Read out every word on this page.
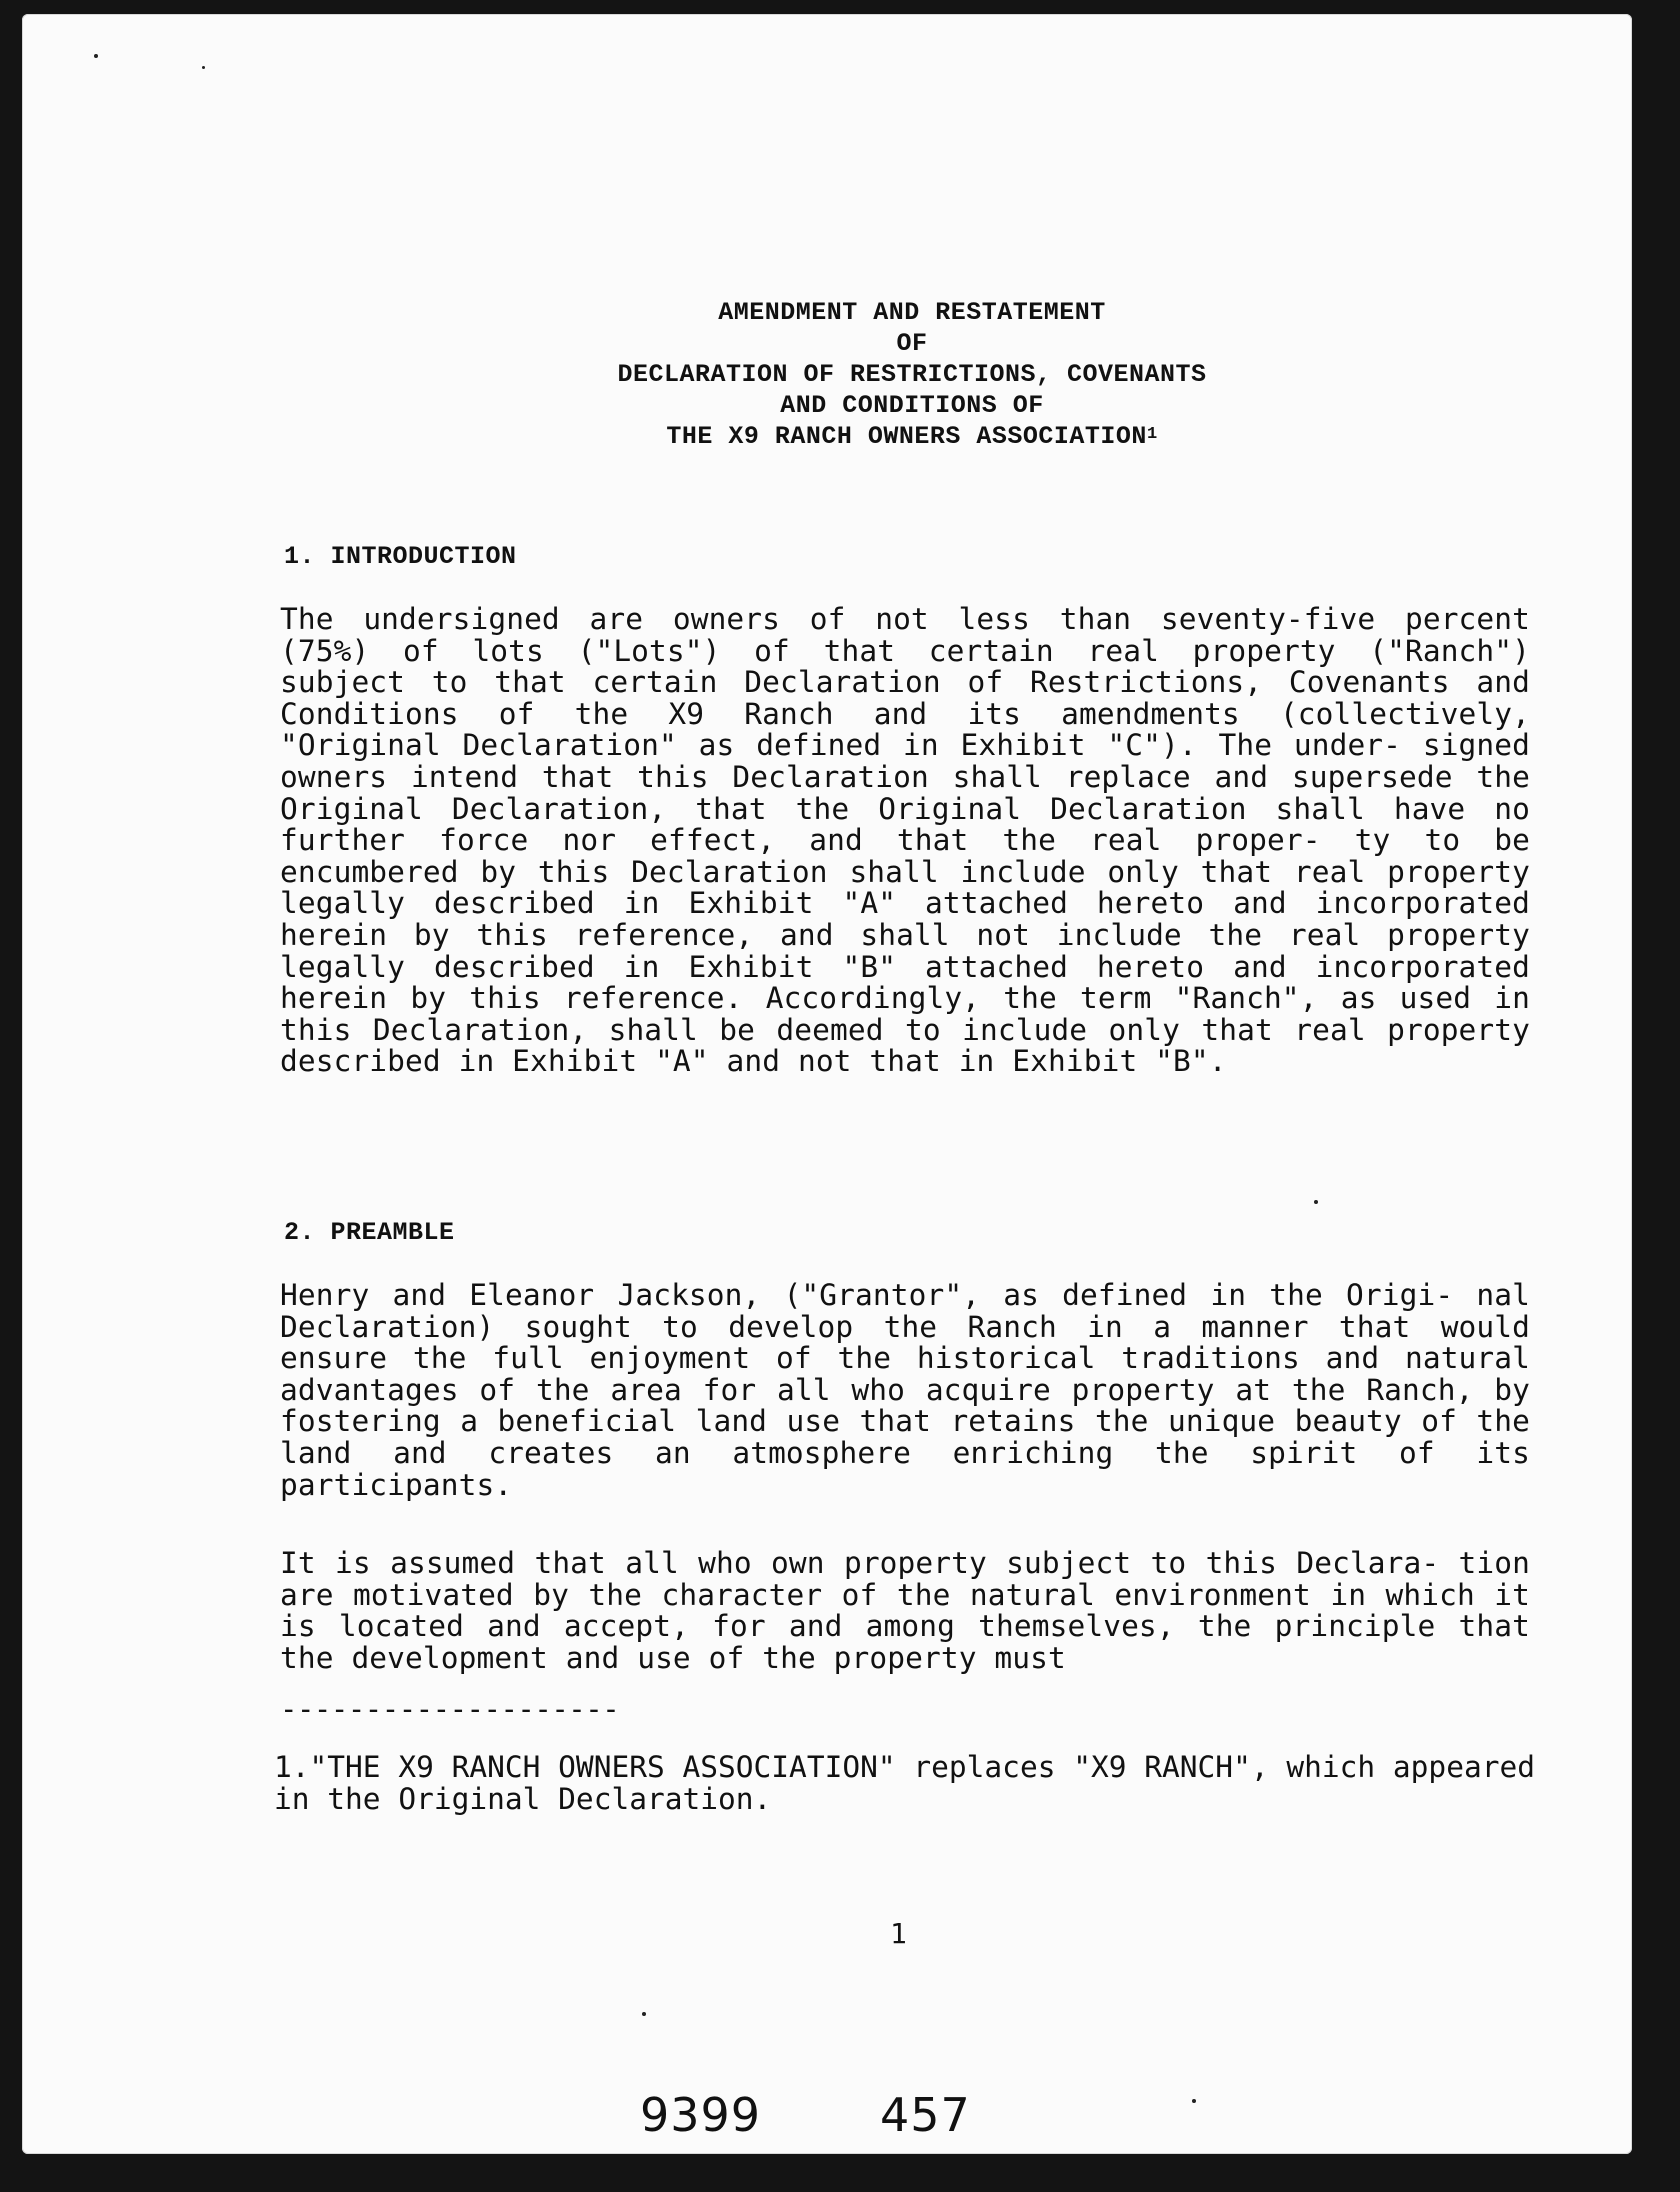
AMENDMENT AND RESTATEMENT
OF
DECLARATION OF RESTRICTIONS, COVENANTS
AND CONDITIONS OF
THE X9 RANCH OWNERS ASSOCIATION$^1$
1. INTRODUCTION
The undersigned are owners of not less than seventy-five percent (75%) of lots ("Lots") of that certain real property ("Ranch") subject to that certain Declaration of Restrictions, Covenants and Conditions of the X9 Ranch and its amendments (collectively, "Original Declaration" as defined in Exhibit "C"). The under- signed owners intend that this Declaration shall replace and supersede the Original Declaration, that the Original Declaration shall have no further force nor effect, and that the real proper- ty to be encumbered by this Declaration shall include only that real property legally described in Exhibit "A" attached hereto and incorporated herein by this reference, and shall not include the real property legally described in Exhibit "B" attached hereto and incorporated herein by this reference. Accordingly, the term "Ranch", as used in this Declaration, shall be deemed to include only that real property described in Exhibit "A" and not that in Exhibit "B".
2. PREAMBLE
Henry and Eleanor Jackson, ("Grantor", as defined in the Origi- nal Declaration) sought to develop the Ranch in a manner that would ensure the full enjoyment of the historical traditions and natural advantages of the area for all who acquire property at the Ranch, by fostering a beneficial land use that retains the unique beauty of the land and creates an atmosphere enriching the spirit of its participants.
It is assumed that all who own property subject to this Declara- tion are motivated by the character of the natural environment in which it is located and accept, for and among themselves, the principle that the development and use of the property must
--------------------
1."THE X9 RANCH OWNERS ASSOCIATION" replaces "X9 RANCH", which appeared in the Original Declaration.
1
9399	457
